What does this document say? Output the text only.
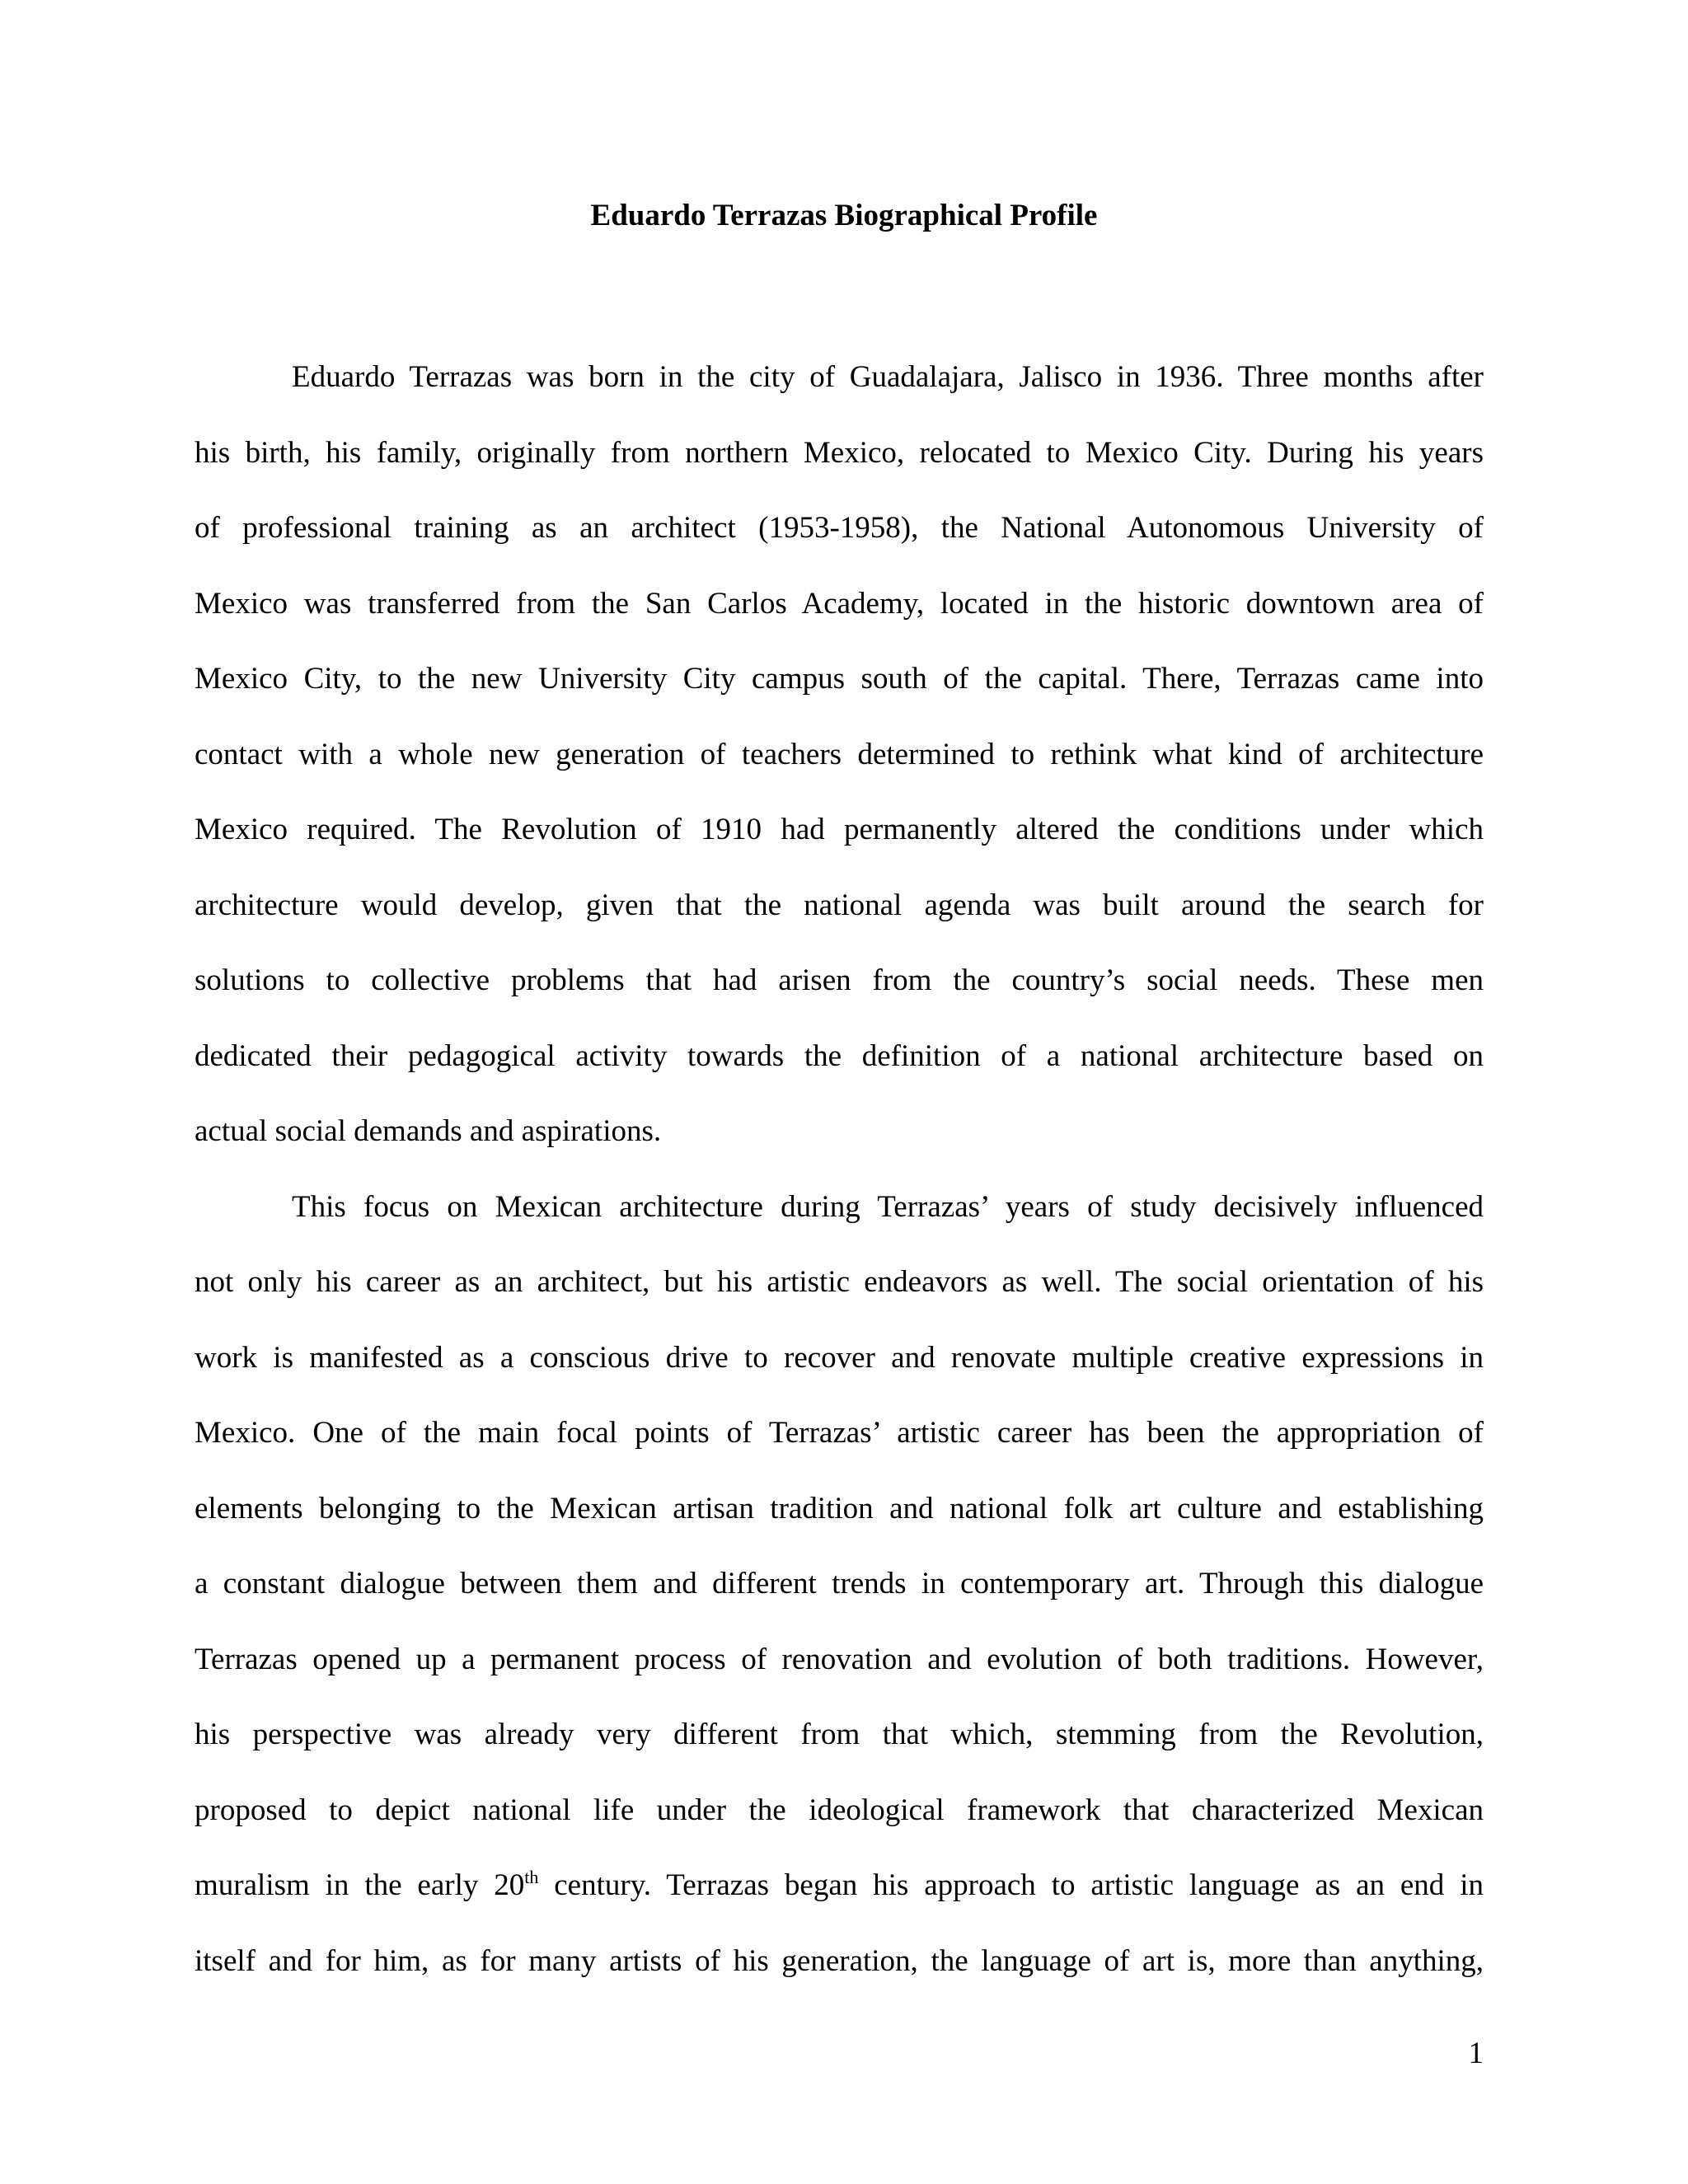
Eduardo Terrazas Biographical Profile
Eduardo Terrazas was born in the city of Guadalajara, Jalisco in 1936. Three months after
his birth, his family, originally from northern Mexico, relocated to Mexico City. During his years
of professional training as an architect (1953-1958), the National Autonomous University of
Mexico was transferred from the San Carlos Academy, located in the historic downtown area of
Mexico City, to the new University City campus south of the capital. There, Terrazas came into
contact with a whole new generation of teachers determined to rethink what kind of architecture
Mexico required. The Revolution of 1910 had permanently altered the conditions under which
architecture would develop, given that the national agenda was built around the search for
solutions to collective problems that had arisen from the country’s social needs. These men
dedicated their pedagogical activity towards the definition of a national architecture based on
actual social demands and aspirations.
This focus on Mexican architecture during Terrazas’ years of study decisively influenced
not only his career as an architect, but his artistic endeavors as well. The social orientation of his
work is manifested as a conscious drive to recover and renovate multiple creative expressions in
Mexico. One of the main focal points of Terrazas’ artistic career has been the appropriation of
elements belonging to the Mexican artisan tradition and national folk art culture and establishing
a constant dialogue between them and different trends in contemporary art. Through this dialogue
Terrazas opened up a permanent process of renovation and evolution of both traditions. However,
his perspective was already very different from that which, stemming from the Revolution,
proposed to depict national life under the ideological framework that characterized Mexican
muralism in the early 20th century. Terrazas began his approach to artistic language as an end in
itself and for him, as for many artists of his generation, the language of art is, more than anything,
1
